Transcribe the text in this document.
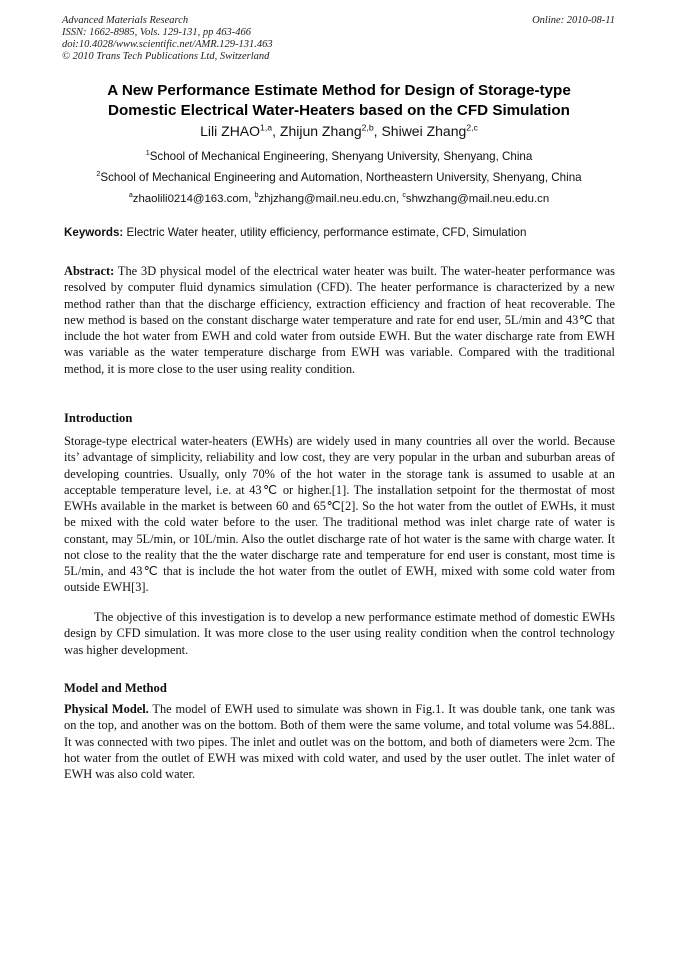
Advanced Materials Research
ISSN: 1662-8985, Vols. 129-131, pp 463-466
doi:10.4028/www.scientific.net/AMR.129-131.463
© 2010 Trans Tech Publications Ltd, Switzerland
Online: 2010-08-11
A New Performance Estimate Method for Design of Storage-type
Domestic Electrical Water-Heaters based on the CFD Simulation
Lili ZHAO$^{1,a}$, Zhijun Zhang$^{2,b}$, Shiwei Zhang$^{2,c}$
$^1$School of Mechanical Engineering, Shenyang University, Shenyang, China
$^2$School of Mechanical Engineering and Automation, Northeastern University, Shenyang, China
$^a$zhaolili0214@163.com, $^b$zhjzhang@mail.neu.edu.cn, $^c$shwzhang@mail.neu.edu.cn
Keywords: Electric Water heater, utility efficiency, performance estimate, CFD, Simulation

Abstract: The 3D physical model of the electrical water heater was built. The water-heater performance was resolved by computer fluid dynamics simulation (CFD). The heater performance is characterized by a new method rather than that the discharge efficiency, extraction efficiency and fraction of heat recoverable. The new method is based on the constant discharge water temperature and rate for end user, 5L/min and 43℃ that include the hot water from EWH and cold water from outside EWH. But the water discharge rate from EWH was variable as the water temperature discharge from EWH was variable. Compared with the traditional method, it is more close to the user using reality condition.

Introduction

Storage-type electrical water-heaters (EWHs) are widely used in many countries all over the world. Because its’ advantage of simplicity, reliability and low cost, they are very popular in the urban and suburban areas of developing countries. Usually, only 70% of the hot water in the storage tank is assumed to usable at an acceptable temperature level, i.e. at 43℃ or higher.[1]. The installation setpoint for the thermostat of most EWHs available in the market is between 60 and 65℃[2]. So the hot water from the outlet of EWHs, it must be mixed with the cold water before to the user. The traditional method was inlet charge rate of water is constant, may 5L/min, or 10L/min. Also the outlet discharge rate of hot water is the same with charge water. It not close to the reality that the the water discharge rate and temperature for end user is constant, most time is 5L/min, and 43℃ that is include the hot water from the outlet of EWH, mixed with some cold water from outside EWH[3].

The objective of this investigation is to develop a new performance estimate method of domestic EWHs design by CFD simulation. It was more close to the user using reality condition when the control technology was higher development.

Model and Method

Physical Model. The model of EWH used to simulate was shown in Fig.1. It was double tank, one tank was on the top, and another was on the bottom. Both of them were the same volume, and total volume was 54.88L. It was connected with two pipes. The inlet and outlet was on the bottom, and both of diameters were 2cm. The hot water from the outlet of EWH was mixed with cold water, and used by the user outlet. The inlet water of EWH was also cold water.
